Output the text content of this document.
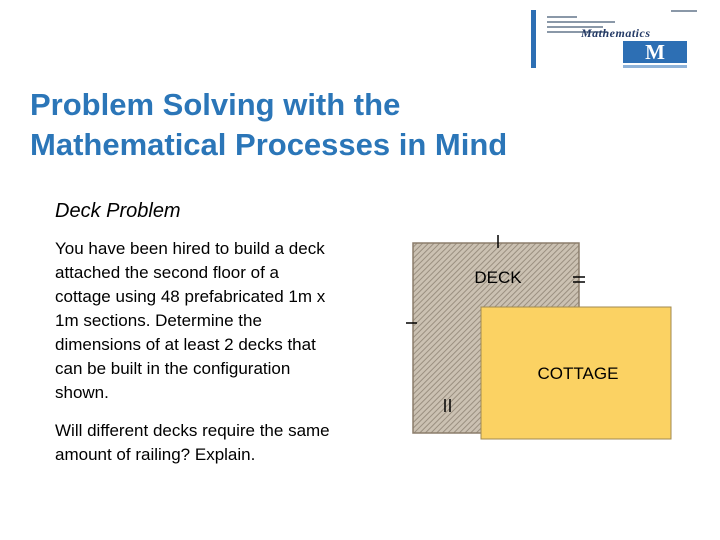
Mathematics
M
Problem Solving with the
Mathematical Processes in Mind
Deck Problem

You have been hired to build a deck
attached the second floor of a
cottage using 48 prefabricated 1m x
1m sections. Determine the
dimensions of at least 2 decks that
can be built in the configuration
shown.

Will different decks require the same
amount of railing? Explain.

DECK
COTTAGE
